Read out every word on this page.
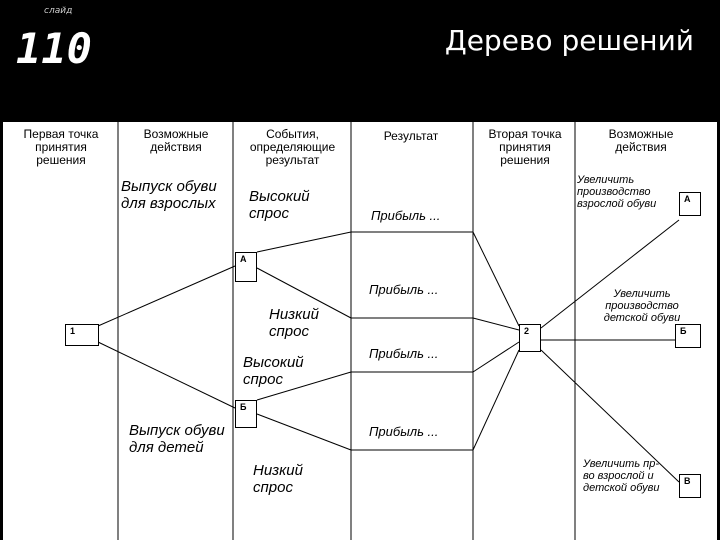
слайд
110	Дерево решений
Первая точка принятия решения
Возможные действия
События, определяющие результат
Результат	Вторая точка принятия решения
Возможные действия
Выпуск обуви для взрослых	Высокий спрос	Прибыль ...
Увеличить производство взрослой обуви	А
А
Прибыль ...	Увеличить производство детской обуви
Низкий спрос
1	2	Б
Прибыль ...
Высокий спрос
Б
Выпуск обуви для детей
Прибыль ...
Увеличить пр-во взрослой и детской обуви
В
Низкий спрос
